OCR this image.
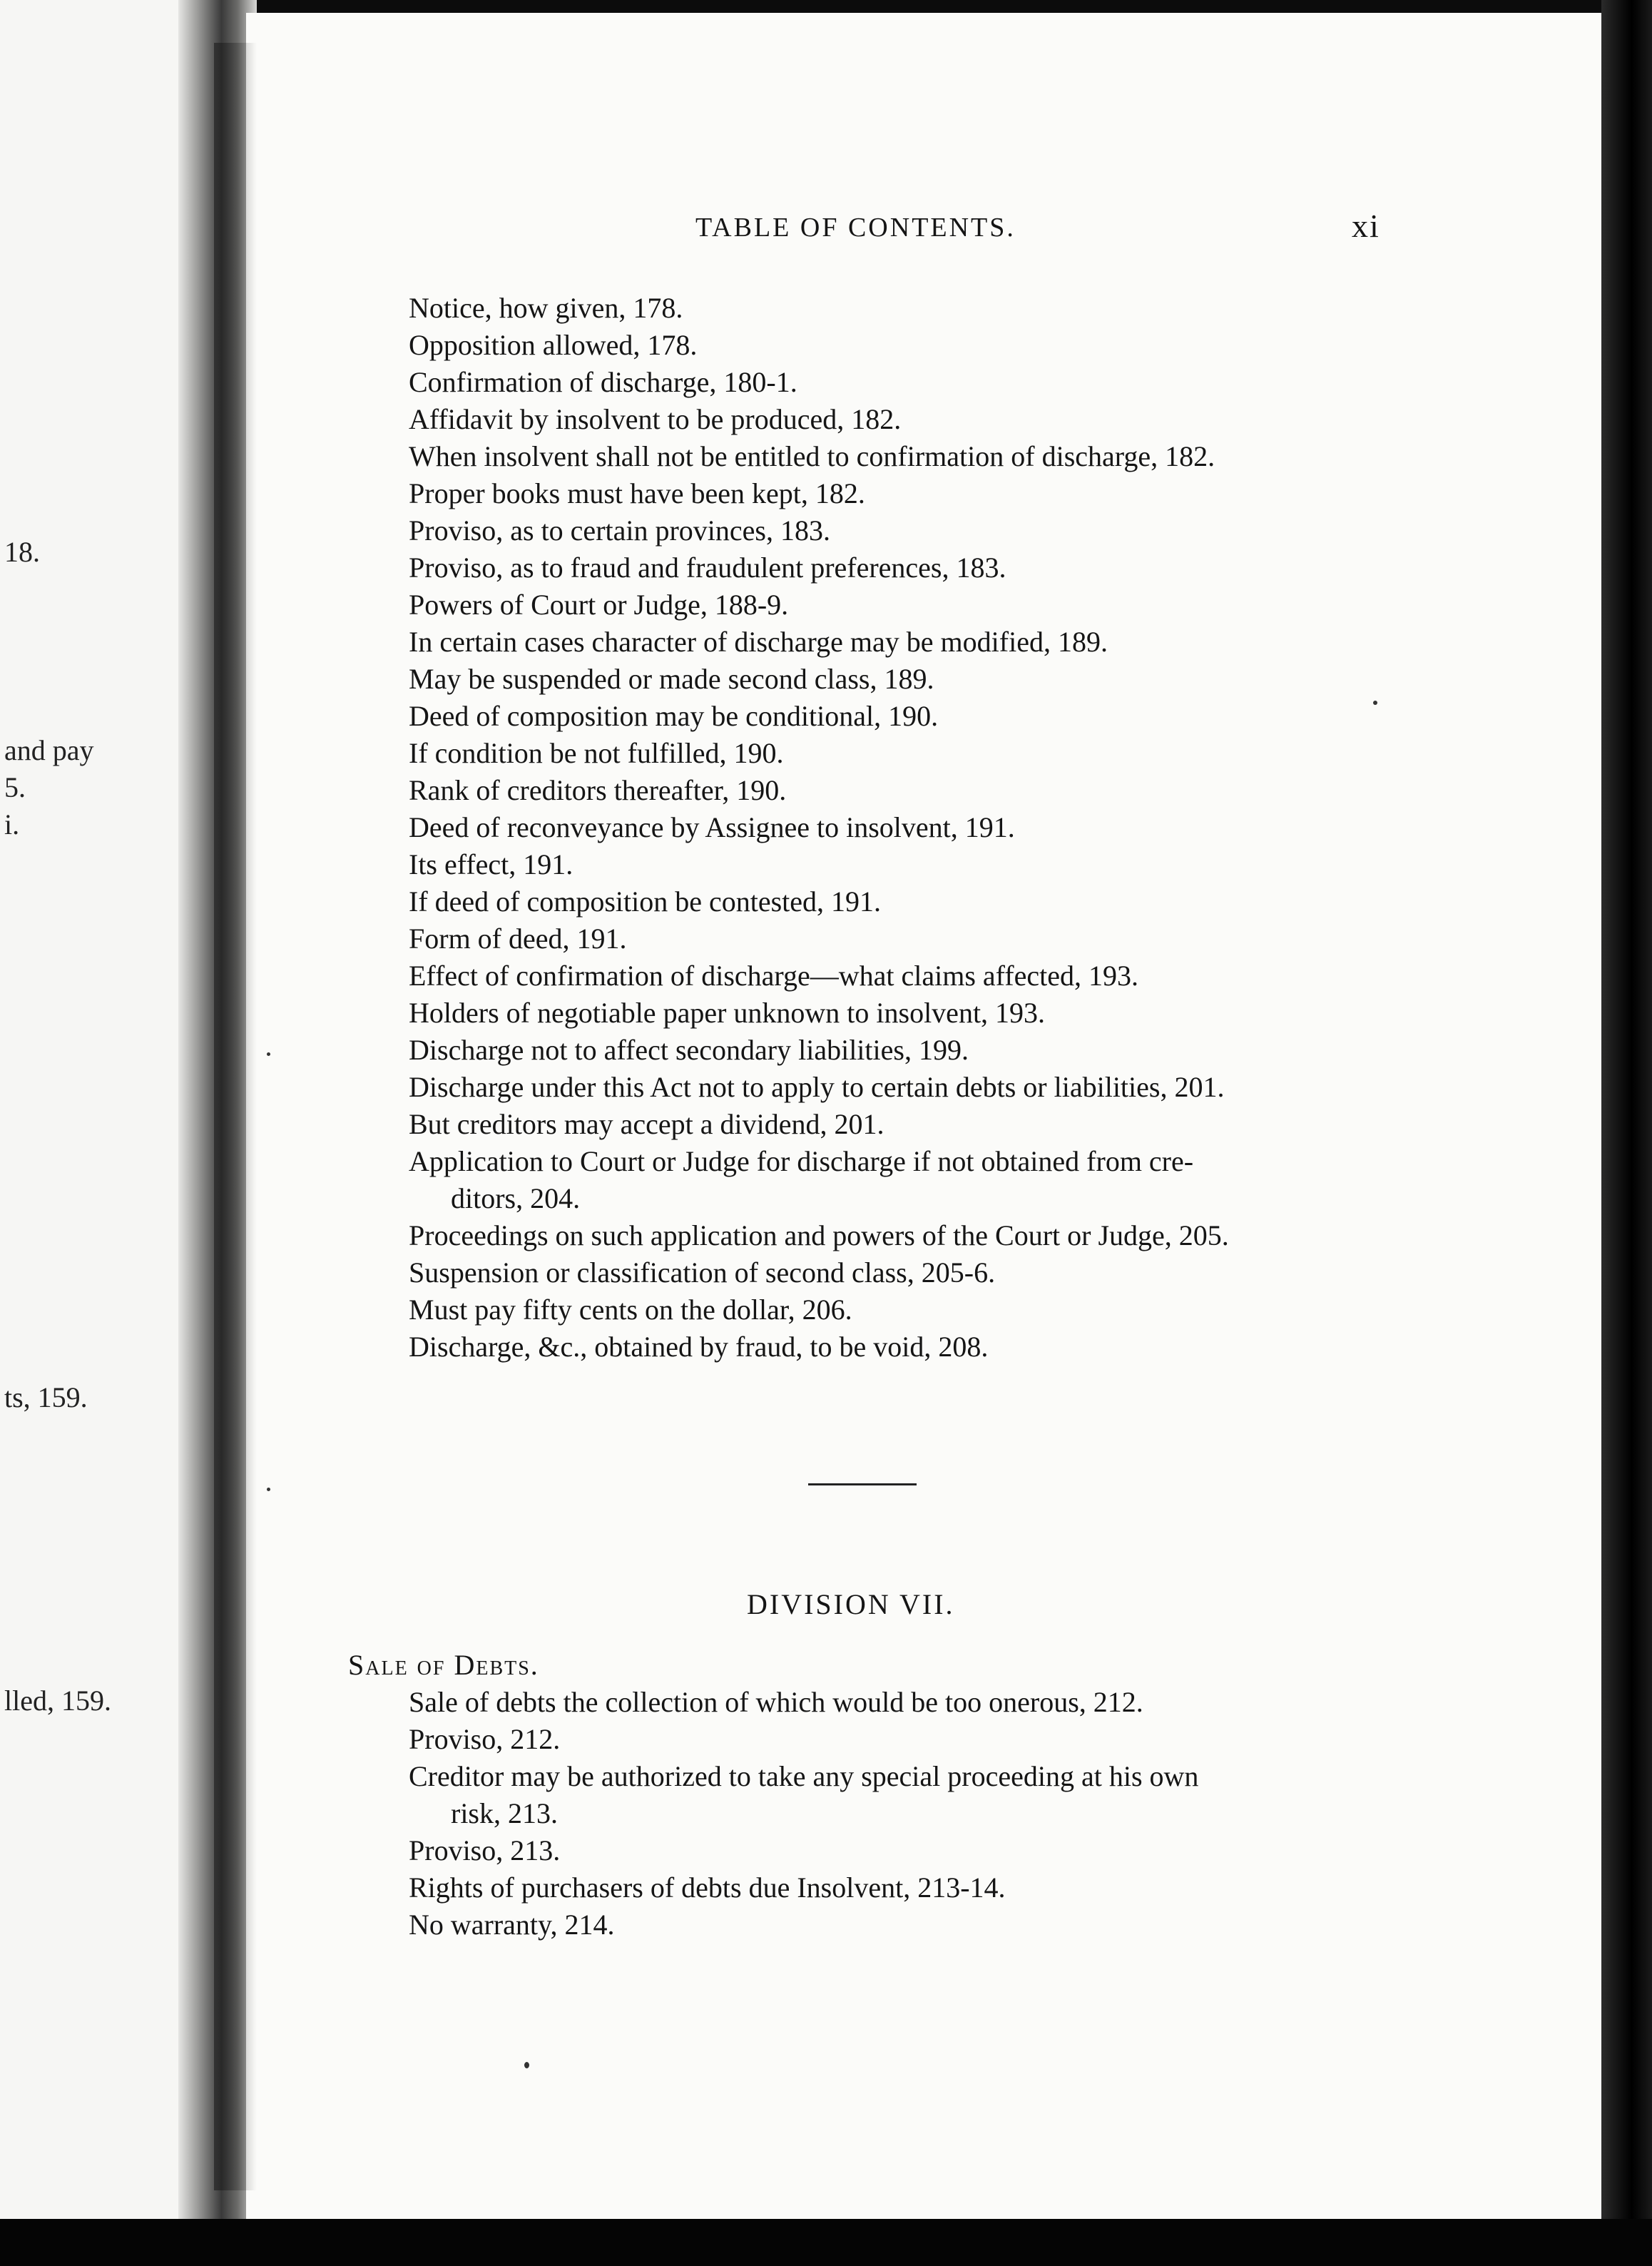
18.
and pay
5.
i.
ts, 159.
lled, 159.
TABLE OF CONTENTS.	xi
Notice, how given, 178.
Opposition allowed, 178.
Confirmation of discharge, 180-1.
Affidavit by insolvent to be produced, 182.
When insolvent shall not be entitled to confirmation of discharge, 182.
Proper books must have been kept, 182.
Proviso, as to certain provinces, 183.
Proviso, as to fraud and fraudulent preferences, 183.
Powers of Court or Judge, 188-9.
In certain cases character of discharge may be modified, 189.
May be suspended or made second class, 189.
Deed of composition may be conditional, 190.
If condition be not fulfilled, 190.
Rank of creditors thereafter, 190.
Deed of reconveyance by Assignee to insolvent, 191.
Its effect, 191.
If deed of composition be contested, 191.
Form of deed, 191.
Effect of confirmation of discharge—what claims affected, 193.
Holders of negotiable paper unknown to insolvent, 193.
Discharge not to affect secondary liabilities, 199.
Discharge under this Act not to apply to certain debts or liabilities, 201.
But creditors may accept a dividend, 201.
Application to Court or Judge for discharge if not obtained from cre-
ditors, 204.
Proceedings on such application and powers of the Court or Judge, 205.
Suspension or classification of second class, 205-6.
Must pay fifty cents on the dollar, 206.
Discharge, &c., obtained by fraud, to be void, 208.
DIVISION VII.
Sale of Debts.
Sale of debts the collection of which would be too onerous, 212.
Proviso, 212.
Creditor may be authorized to take any special proceeding at his own
risk, 213.
Proviso, 213.
Rights of purchasers of debts due Insolvent, 213-14.
No warranty, 214.
